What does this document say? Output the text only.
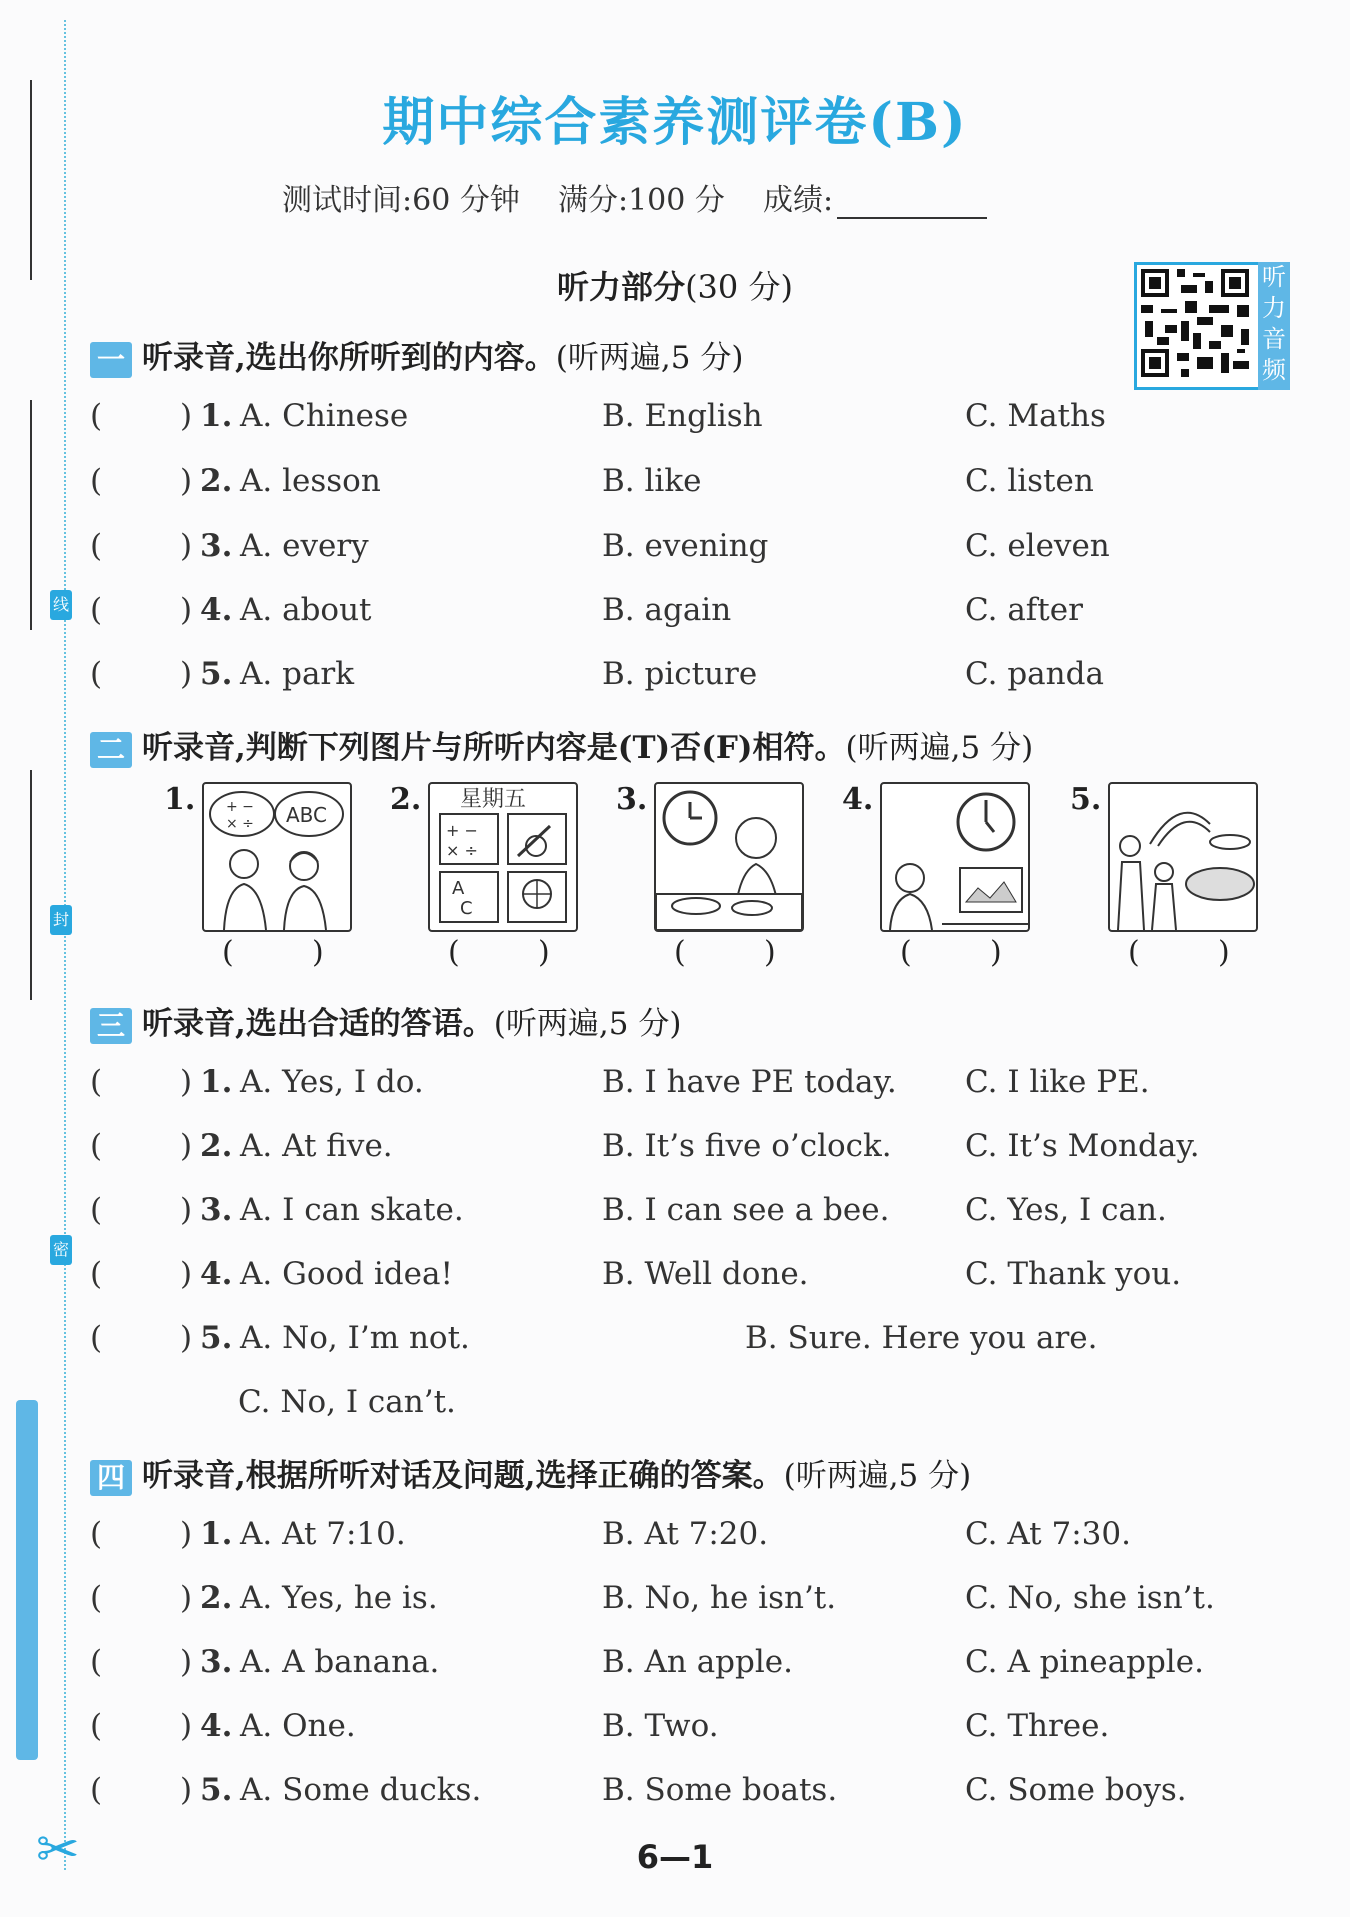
线
封
密
✂
期中综合素养测评卷(B)
测试时间:60 分钟 满分:100 分 成绩:
听力部分(30 分)	听力音频
一 听录音,选出你所听到的内容。(听两遍,5 分)
(	) 1. A. Chinese	B. English	C. Maths
(	) 2. A. lesson	B. like	C. listen
(	) 3. A. every	B. evening	C. eleven
(	) 4. A. about	B. again	C. after
(	) 5. A. park	B. picture	C. panda
二 听录音,判断下列图片与所听内容是(T)否(F)相符。(听两遍,5 分)
1. + −
× ÷ ABC
(	)
2. 星期五
+ −
× ÷
A
C
(	)
3.
(	)
4.
(	)
5.
(	)
三 听录音,选出合适的答语。(听两遍,5 分)
(	) 1. A. Yes, I do.	B. I have PE today. C. I like PE.
(	) 2. A. At five.	B. It’s five o’clock. C. It’s Monday.
(	) 3. A. I can skate.	B. I can see a bee. C. Yes, I can.
(	) 4. A. Good idea!	B. Well done.	C. Thank you.
(	) 5. A. No, I’m not.	B. Sure. Here you are.
C. No, I can’t.
四 听录音,根据所听对话及问题,选择正确的答案。(听两遍,5 分)
(	) 1. A. At 7:10.	B. At 7:20.	C. At 7:30.
(	) 2. A. Yes, he is.	B. No, he isn’t.	C. No, she isn’t.
(	) 3. A. A banana.	B. An apple.	C. A pineapple.
(	) 4. A. One.	B. Two.	C. Three.
(	) 5. A. Some ducks.	B. Some boats.	C. Some boys.
6—1
